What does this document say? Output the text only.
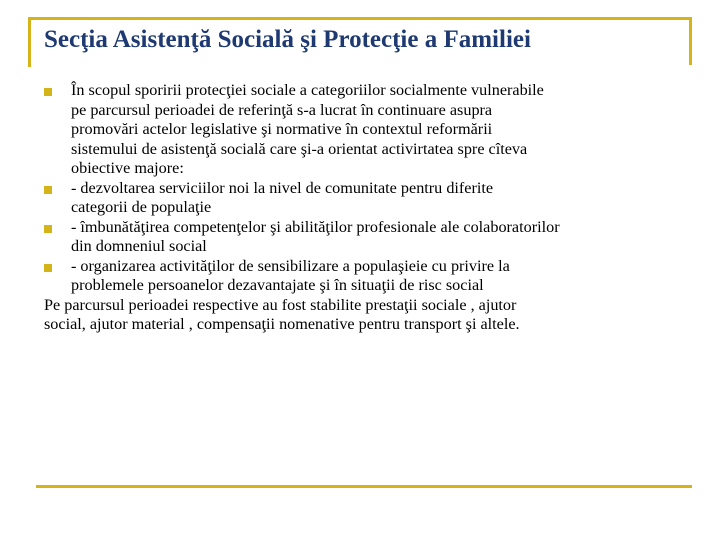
Secţia Asistenţă Socială şi Protecţie a Familiei
În scopul sporirii protecţiei sociale a categoriilor socialmente vulnerabile
pe parcursul perioadei de referinţă s-a lucrat în continuare asupra
promovări actelor legislative şi normative în contextul reformării
sistemului de asistenţă socială care şi-a orientat activirtatea spre cîteva
obiective majore:
- dezvoltarea serviciilor noi la nivel de comunitate pentru diferite
categorii de populaţie
- îmbunătăţirea competenţelor şi abilităţilor profesionale ale colaboratorilor
din domneniul social
- organizarea activităţilor de sensibilizare a populaşieie cu privire la
problemele persoanelor dezavantajate şi în situaţii de risc social
Pe parcursul perioadei respective au fost stabilite prestaţii sociale , ajutor
social, ajutor material , compensaţii nomenative pentru transport şi altele.
